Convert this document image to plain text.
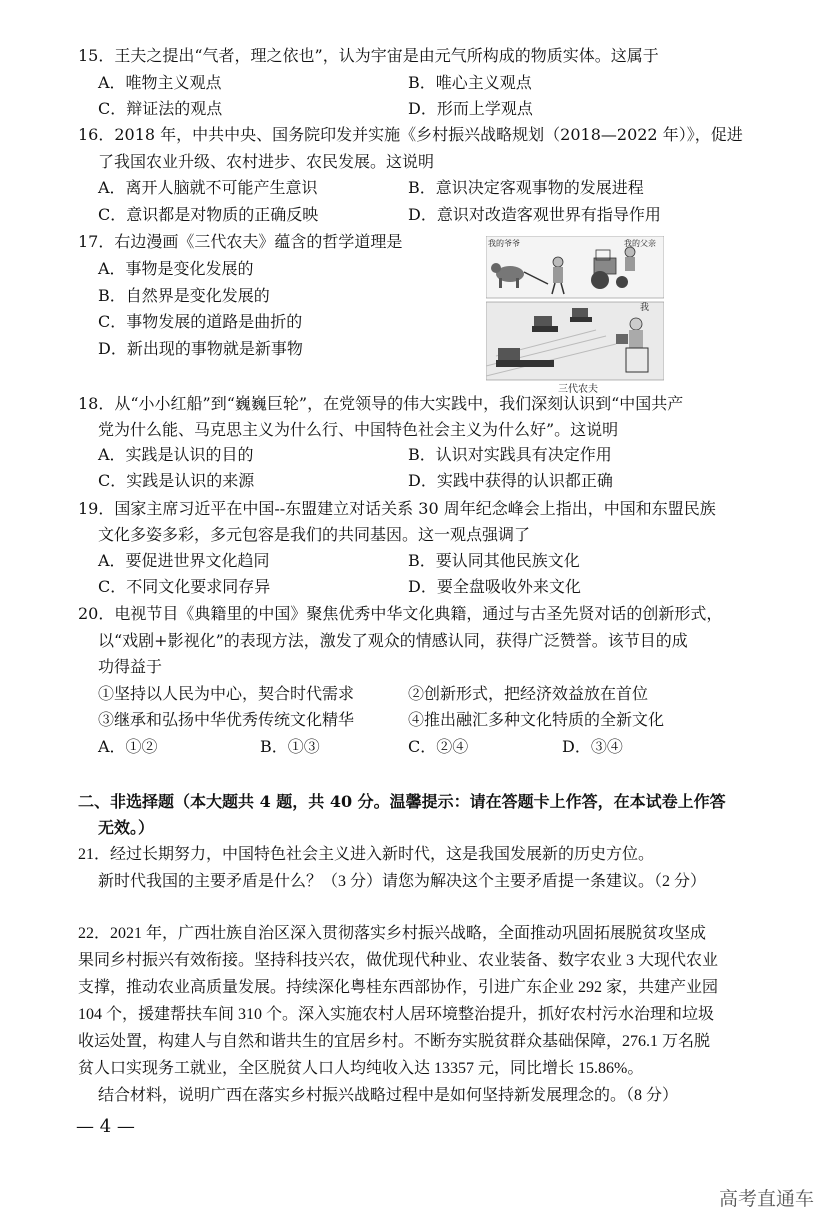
15．王夫之提出“气者，理之依也”，认为宇宙是由元气所构成的物质实体。这属于
A．唯物主义观点	B．唯心主义观点
C．辩证法的观点	D．形而上学观点
16．2018 年，中共中央、国务院印发并实施《乡村振兴战略规划（2018—2022 年）》，促进
了我国农业升级、农村进步、农民发展。这说明
A．离开人脑就不可能产生意识	B．意识决定客观事物的发展进程
C．意识都是对物质的正确反映	D．意识对改造客观世界有指导作用
17．右边漫画《三代农夫》蕴含的哲学道理是
A．事物是变化发展的
B．自然界是变化发展的
C．事物发展的道路是曲折的
D．新出现的事物就是新事物
我的爷爷	我的父亲
我
三代农夫
18．从“小小红船”到“巍巍巨轮”，在党领导的伟大实践中，我们深刻认识到“中国共产
党为什么能、马克思主义为什么行、中国特色社会主义为什么好”。这说明
A．实践是认识的目的	B．认识对实践具有决定作用
C．实践是认识的来源	D．实践中获得的认识都正确
19．国家主席习近平在中国--东盟建立对话关系 30 周年纪念峰会上指出，中国和东盟民族
文化多姿多彩，多元包容是我们的共同基因。这一观点强调了
A．要促进世界文化趋同	B．要认同其他民族文化
C．不同文化要求同存异	D．要全盘吸收外来文化
20．电视节目《典籍里的中国》聚焦优秀中华文化典籍，通过与古圣先贤对话的创新形式，
以“戏剧+影视化”的表现方法，激发了观众的情感认同，获得广泛赞誉。该节目的成
功得益于
①坚持以人民为中心，契合时代需求	②创新形式，把经济效益放在首位
③继承和弘扬中华优秀传统文化精华	④推出融汇多种文化特质的全新文化
A．①②	B．①③	C．②④	D．③④
二、非选择题（本大题共 4 题，共 40 分。温馨提示：请在答题卡上作答，在本试卷上作答
无效。）
21．经过长期努力，中国特色社会主义进入新时代，这是我国发展新的历史方位。
新时代我国的主要矛盾是什么？（3 分）请您为解决这个主要矛盾提一条建议。（2 分）
22．2021 年，广西壮族自治区深入贯彻落实乡村振兴战略，全面推动巩固拓展脱贫攻坚成
果同乡村振兴有效衔接。坚持科技兴农，做优现代种业、农业装备、数字农业 3 大现代农业
支撑，推动农业高质量发展。持续深化粤桂东西部协作，引进广东企业 292 家，共建产业园
104 个，援建帮扶车间 310 个。深入实施农村人居环境整治提升，抓好农村污水治理和垃圾
收运处置，构建人与自然和谐共生的宜居乡村。不断夯实脱贫群众基础保障，276.1 万名脱
贫人口实现务工就业，全区脱贫人口人均纯收入达 13357 元，同比增长 15.86%。
结合材料，说明广西在落实乡村振兴战略过程中是如何坚持新发展理念的。（8 分）
— 4 —
高考直通车
